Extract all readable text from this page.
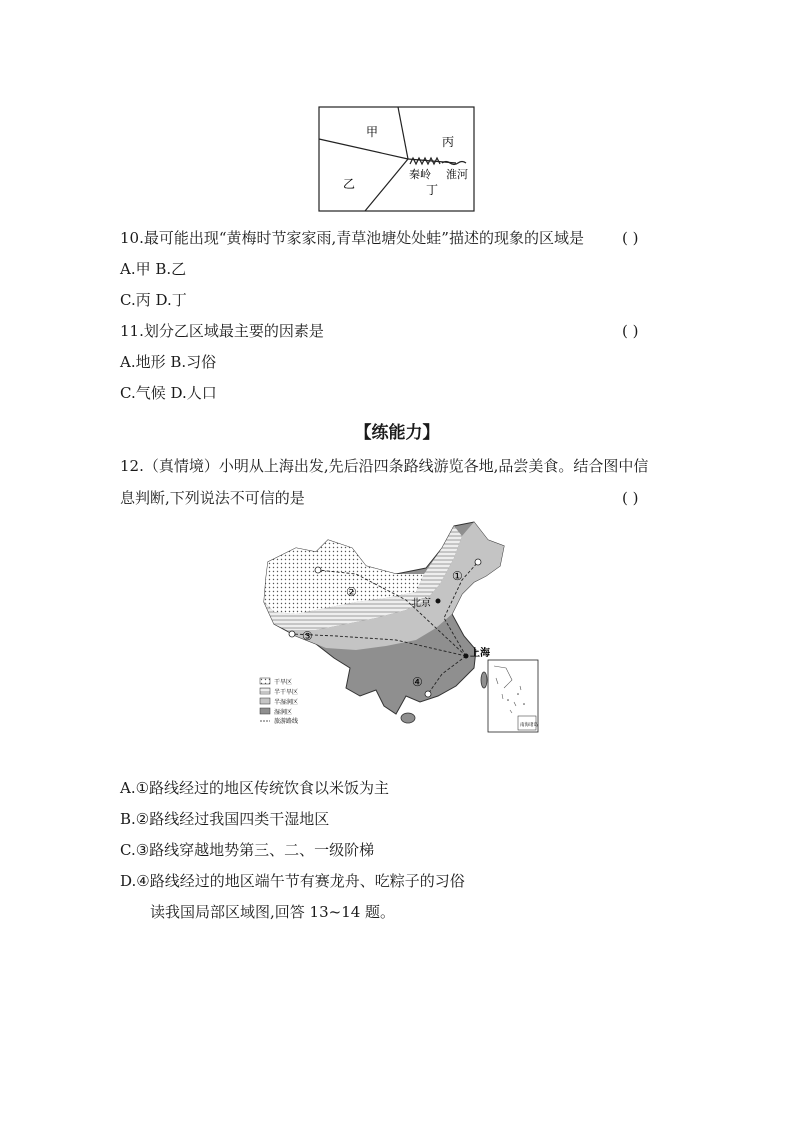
甲
丙
乙
秦岭 淮河
丁
10.最可能出现“黄梅时节家家雨,青草池塘处处蛙”描述的现象的区域是	( )
A.甲 B.乙
C.丙 D.丁
11.划分乙区域最主要的因素是	( )
A.地形 B.习俗
C.气候 D.人口
【练能力】
12.（真情境）小明从上海出发,先后沿四条路线游览各地,品尝美食。结合图中信
息判断,下列说法不可信的是	( )
北京
上海
①
②
③
④
干旱区
半干旱区
半湿润区
湿润区
旅游路线
南海诸岛
A.①路线经过的地区传统饮食以米饭为主
B.②路线经过我国四类干湿地区
C.③路线穿越地势第三、二、一级阶梯
D.④路线经过的地区端午节有赛龙舟、吃粽子的习俗
读我国局部区域图,回答 13~14 题。
